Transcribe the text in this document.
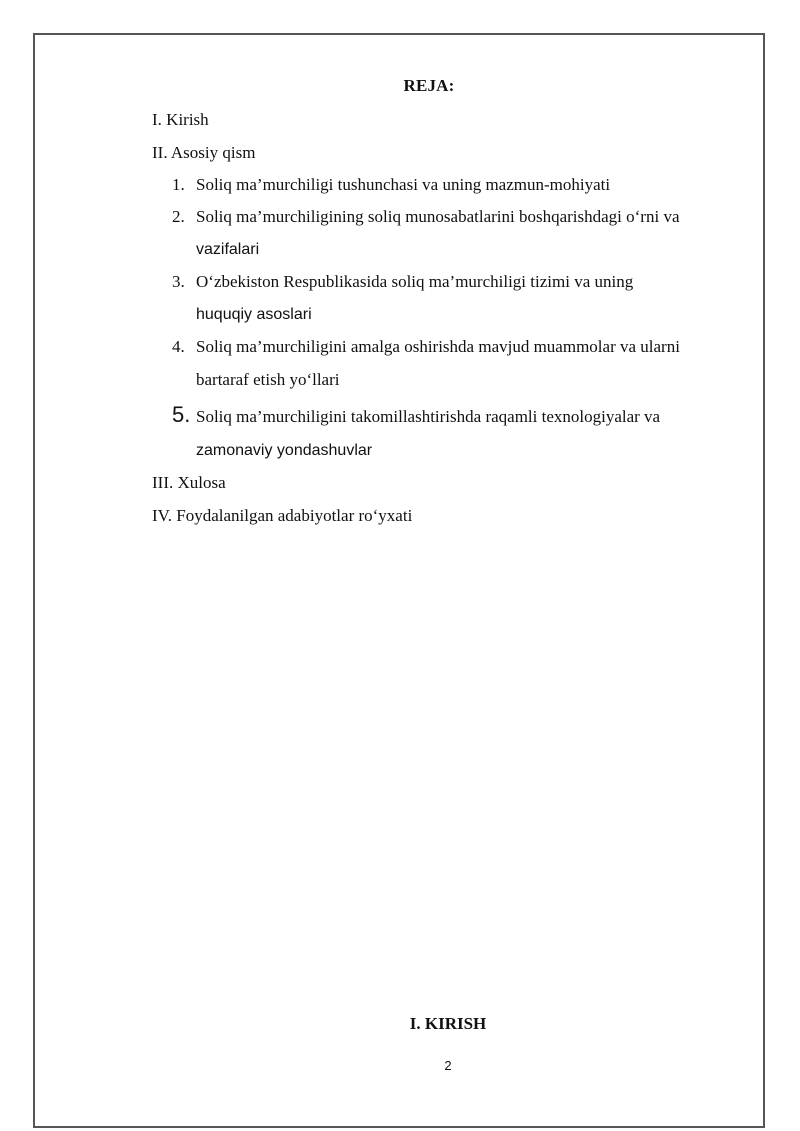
REJA:
I. Kirish
II. Asosiy qism
1. Soliq ma’murchiligi tushunchasi va uning mazmun-mohiyati
2. Soliq ma’murchiligining soliq munosabatlarini boshqarishdagi o‘rni va
vazifalari
3. O‘zbekiston Respublikasida soliq ma’murchiligi tizimi va uning
huquqiy asoslari
4. Soliq ma’murchiligini amalga oshirishda mavjud muammolar va ularni
bartaraf etish yo‘llari
5. Soliq ma’murchiligini takomillashtirishda raqamli texnologiyalar va
zamonaviy yondashuvlar
III. Xulosa
IV. Foydalanilgan adabiyotlar ro‘yxati
I. KIRISH
2
